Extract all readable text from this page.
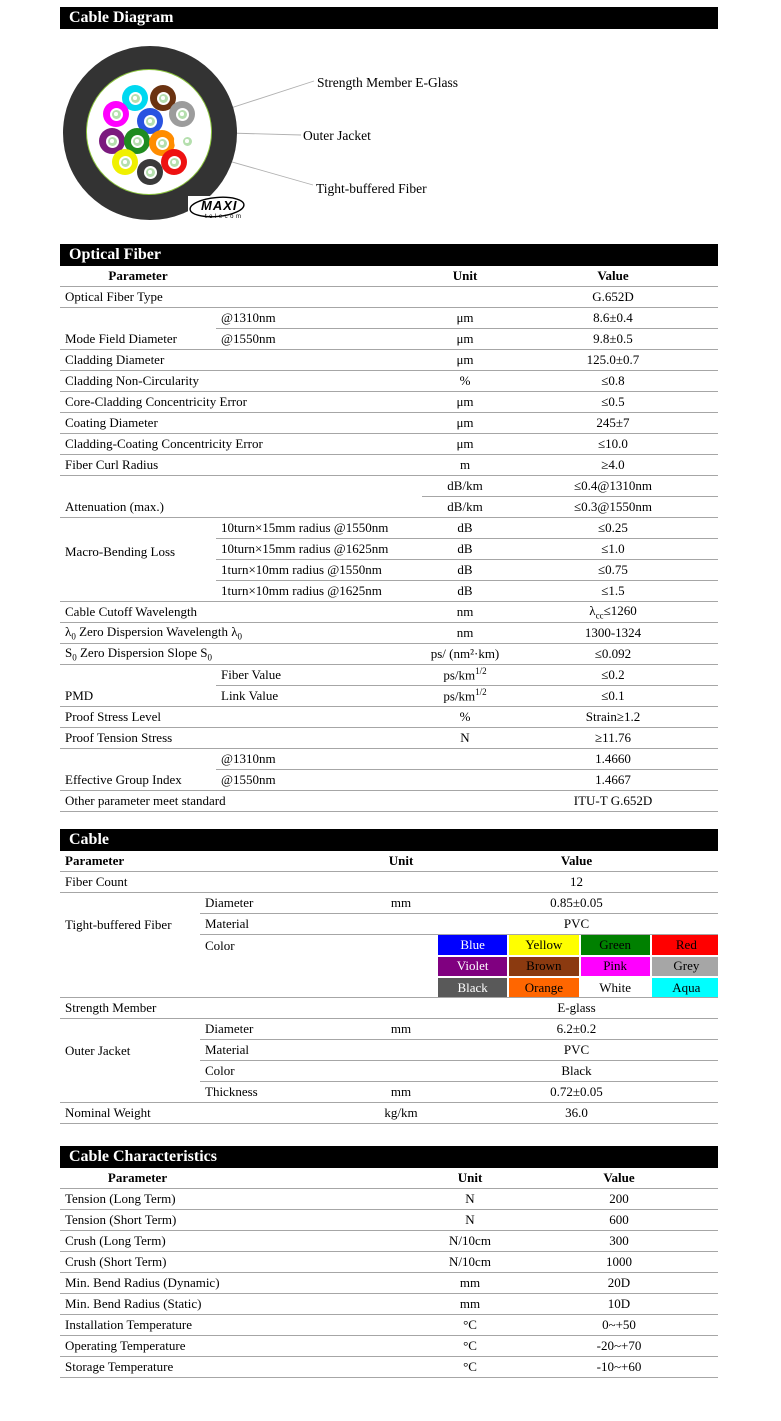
Cable Diagram
Strength Member E-Glass
Outer Jacket
Tight-buffered Fiber
MAXI
telecom
Optical Fiber
Parameter		Unit	Value
Optical Fiber Type			G.652D
Mode Field Diameter	@1310nm	μm	8.6±0.4
	@1550nm	μm	9.8±0.5
Cladding Diameter		μm	125.0±0.7
Cladding Non-Circularity		%	≤0.8
Core-Cladding Concentricity Error		μm	≤0.5
Coating Diameter		μm	245±7
Cladding-Coating Concentricity Error		μm	≤10.0
Fiber Curl Radius		m	≥4.0
Attenuation (max.)		dB/km	≤0.4@1310nm
		dB/km	≤0.3@1550nm
Macro-Bending Loss	10turn×15mm radius @1550nm	dB	≤0.25
	10turn×15mm radius @1625nm	dB	≤1.0
	1turn×10mm radius @1550nm	dB	≤0.75
	1turn×10mm radius @1625nm	dB	≤1.5
Cable Cutoff Wavelength		nm	$\lambda_{cc}\le 1260$
$\lambda_0$ Zero Dispersion Wavelength $\lambda_0$		nm	1300-1324
$S_0$ Zero Dispersion Slope $S_0$		ps/ (nm²·km)	≤0.092
PMD	Fiber Value	$ps/km^{1/2}$	≤0.2
	Link Value	$ps/km^{1/2}$	≤0.1
Proof Stress Level		%	Strain≥1.2
Proof Tension Stress		N	≥11.76
Effective Group Index	@1310nm		1.4660
	@1550nm		1.4667
Other parameter meet standard			ITU-T G.652D
Cable
Parameter		Unit	Value
Fiber Count			12
Tight-buffered Fiber	Diameter	mm	0.85±0.05
	Material		PVC
Color		Blue	Yellow	Green	Red
Violet	Brown	Pink	Grey
Black	Orange	White	Aqua

Strength Member			E-glass
Outer Jacket	Diameter	mm	6.2±0.2
	Material		PVC
	Color		Black
	Thickness	mm	0.72±0.05
Nominal Weight		kg/km	36.0
Cable Characteristics
Parameter	Unit	Value
Tension (Long Term)	N	200
Tension (Short Term)	N	600
Crush (Long Term)	N/10cm	300
Crush (Short Term)	N/10cm	1000
Min. Bend Radius (Dynamic)	mm	20D
Min. Bend Radius (Static)	mm	10D
Installation Temperature	°C	0~+50
Operating Temperature	°C	-20~+70
Storage Temperature	°C	-10~+60
